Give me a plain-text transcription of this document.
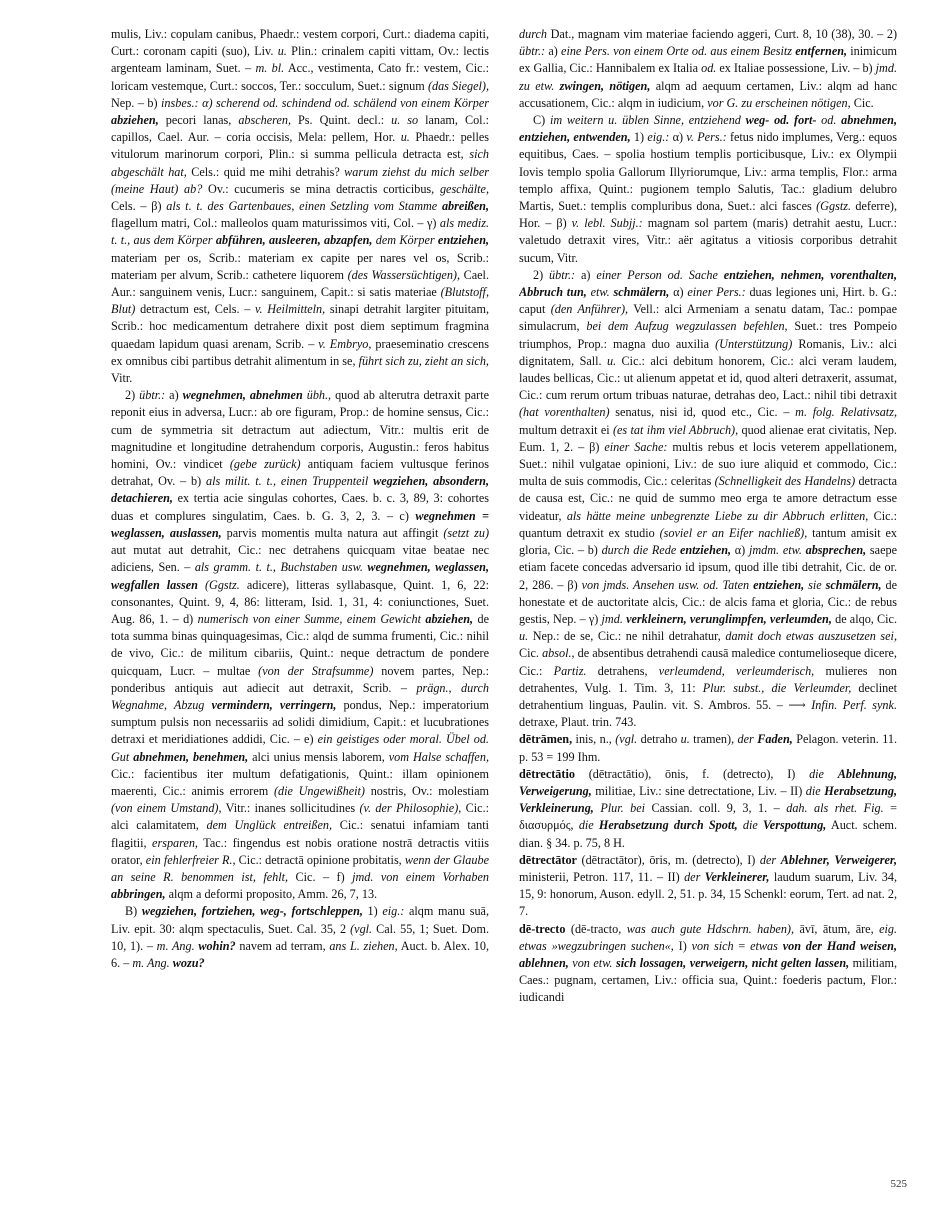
mulis, Liv.: copulam canibus, Phaedr.: vestem corpori, Curt.: diadema capiti, Curt.: coronam capiti (suo), Liv. u. Plin.: crinalem capiti vittam, Ov.: lectis argenteam laminam, Suet. – m. bl. Acc., vestimenta, Cato fr.: vestem, Cic.: loricam vestemque, Curt.: soccos, Ter.: socculum, Suet.: signum (das Siegel), Nep. – b) insbes.: α) scherend od. schindend od. schälend von einem Körper abziehen, pecori lanas, abscheren, Ps. Quint. decl.: u. so lanam, Col.: capillos, Cael. Aur. – coria occisis, Mela: pellem, Hor. u. Phaedr.: pelles vitulorum marinorum corpori, Plin.: si summa pellicula detracta est, sich abgeschält hat, Cels.: quid me mihi detrahis? warum ziehst du mich selber (meine Haut) ab? Ov.: cucumeris se mina detractis corticibus, geschälte, Cels. – β) als t. t. des Gartenbaues, einen Setzling vom Stamme abreißen, flagellum matri, Col.: malleolos quam maturissimos viti, Col. – γ) als mediz. t. t., aus dem Körper abführen, ausleeren, abzapfen, dem Körper entziehen, materiam per os, Scrib.: materiam ex capite per nares vel os, Scrib.: materiam per alvum, Scrib.: cathetere liquorem (des Wassersüchtigen), Cael. Aur.: sanguinem venis, Lucr.: sanguinem, Capit.: si satis materiae (Blutstoff, Blut) detractum est, Cels. – v. Heilmitteln, sinapi detrahit largiter pituitam, Scrib.: hoc medicamentum detrahere dixit post diem septimum fragmina quaedam lapidum quasi arenam, Scrib. – v. Embryo, praeseminatio crescens ex omnibus cibi partibus detrahit alimentum in se, führt sich zu, zieht an sich, Vitr.

2) übtr.: a) wegnehmen, abnehmen übh., quod ab alterutra detraxit parte reponit eius in adversa, Lucr.: ab ore figuram, Prop.: de homine sensus, Cic.: cum de symmetria sit detractum aut adiectum, Vitr.: multis erit de magnitudine et longitudine detrahendum corporis, Augustin.: feros habitus homini, Ov.: vindicet (gebe zurück) antiquam faciem vultusque ferinos detrahat, Ov. – b) als milit. t. t., einen Truppenteil wegziehen, absondern, detachieren, ex tertia acie singulas cohortes, Caes. b. c. 3, 89, 3: cohortes duas et complures singulatim, Caes. b. G. 3, 2, 3. – c) wegnehmen = weglassen, auslassen, parvis momentis multa natura aut affingit (setzt zu) aut mutat aut detrahit, Cic.: nec detrahens quicquam vitae beatae nec adiciens, Sen. – als gramm. t. t., Buchstaben usw. wegnehmen, weglassen, wegfallen lassen (Ggstz. adicere), litteras syllabasque, Quint. 1, 6, 22: consonantes, Quint. 9, 4, 86: litteram, Isid. 1, 31, 4: coniunctiones, Suet. Aug. 86, 1. – d) numerisch von einer Summe, einem Gewicht abziehen, de tota summa binas quinquagesimas, Cic.: alqd de summa frumenti, Cic.: nihil de vivo, Cic.: de militum cibariis, Quint.: neque detractum de pondere quicquam, Lucr. – multae (von der Strafsumme) novem partes, Nep.: ponderibus antiquis aut adiecit aut detraxit, Scrib. – prägn., durch Wegnahme, Abzug vermindern, verringern, pondus, Nep.: imperatorium sumptum pulsis non necessariis ad solidi dimidium, Capit.: et lucubrationes detraxi et meridiationes addidi, Cic. – e) ein geistiges oder moral. Übel od. Gut abnehmen, benehmen, alci unius mensis laborem, vom Halse schaffen, Cic.: facientibus iter multum defatigationis, Quint.: illam opinionem maerenti, Cic.: animis errorem (die Ungewißheit) nostris, Ov.: molestiam (von einem Umstand), Vitr.: inanes sollicitudines (v. der Philosophie), Cic.: alci calamitatem, dem Unglück entreißen, Cic.: senatui infamiam tanti flagitii, ersparen, Tac.: fingendus est nobis oratione nostrā detractis vitiis orator, ein fehlerfreier R., Cic.: detractā opinione probitatis, wenn der Glaube an seine R. benommen ist, fehlt, Cic. – f) jmd. von einem Vorhaben abbringen, alqm a deformi proposito, Amm. 26, 7, 13.

B) wegziehen, fortziehen, weg-, fortschleppen, 1) eig.: alqm manu suā, Liv. epit. 30: alqm spectaculis, Suet. Cal. 35, 2 (vgl. Cal. 55, 1; Suet. Dom. 10, 1). – m. Ang. wohin? navem ad terram, ans L. ziehen, Auct. b. Alex. 10, 6. – m. Ang. wozu?

durch Dat., magnam vim materiae faciendo aggeri, Curt. 8, 10 (38), 30. – 2) übtr.: a) eine Pers. von einem Orte od. aus einem Besitz entfernen, inimicum ex Gallia, Cic.: Hannibalem ex Italia od. ex Italiae possessione, Liv. – b) jmd. zu etw. zwingen, nötigen, alqm ad aequum certamen, Liv.: alqm ad hanc accusationem, Cic.: alqm in iudicium, vor G. zu erscheinen nötigen, Cic.

C) im weitern u. üblen Sinne, entziehend weg- od. fort- od. abnehmen, entziehen, entwenden, 1) eig.: α) v. Pers.: fetus nido implumes, Verg.: equos equitibus, Caes. – spolia hostium templis porticibusque, Liv.: ex Olympii Iovis templo spolia Gallorum Illyriorumque, Liv.: arma templis, Flor.: arma templo affixa, Quint.: pugionem templo Salutis, Tac.: gladium delubro Martis, Suet.: templis compluribus dona, Suet.: alci fasces (Ggstz. deferre), Hor. – β) v. lebl. Subjj.: magnam sol partem (maris) detrahit aestu, Lucr.: valetudo detraxit vires, Vitr.: aër agitatus a vitiosis corporibus detrahit sucum, Vitr.

2) übtr.: a) einer Person od. Sache entziehen, nehmen, vorenthalten, Abbruch tun, etw. schmälern, α) einer Pers.: duas legiones uni, Hirt. b. G.: caput (den Anführer), Vell.: alci Armeniam a senatu datam, Tac.: pompae simulacrum, bei dem Aufzug wegzulassen befehlen, Suet.: tres Pompeio triumphos, Prop.: magna duo auxilia (Unterstützung) Romanis, Liv.: alci dignitatem, Sall. u. Cic.: alci debitum honorem, Cic.: alci veram laudem, laudes bellicas, Cic.: ut alienum appetat et id, quod alteri detraxerit, assumat, Cic.: cum rerum ortum tribuas naturae, detrahas deo, Lact.: nihil tibi detraxit (hat vorenthalten) senatus, nisi id, quod etc., Cic. – m. folg. Relativsatz, multum detraxit ei (es tat ihm viel Abbruch), quod alienae erat civitatis, Nep. Eum. 1, 2. – β) einer Sache: multis rebus et locis veterem appellationem, Suet.: nihil vulgatae opinioni, Liv.: de suo iure aliquid et commodo, Cic.: multa de suis commodis, Cic.: celeritas (Schnelligkeit des Handelns) detracta de causa est, Cic.: ne quid de summo meo erga te amore detractum esse videatur, als hätte meine unbegrenzte Liebe zu dir Abbruch erlitten, Cic.: quantum detraxit ex studio (soviel er an Eifer nachließ), tantum amisit ex gloria, Cic. – b) durch die Rede entziehen, α) jmdm. etw. absprechen, saepe etiam facete concedas adversario id ipsum, quod ille tibi detrahit, Cic. de or. 2, 286. – β) von jmds. Ansehen usw. od. Taten entziehen, sie schmälern, de honestate et de auctoritate alcis, Cic.: de alcis fama et gloria, Cic.: de rebus gestis, Nep. – γ) jmd. verkleinern, verunglimpfen, verleumden, de alqo, Cic. u. Nep.: de se, Cic.: ne nihil detrahatur, damit doch etwas auszusetzen sei, Cic. absol., de absentibus detrahendi causā maledice contumelioseque dicere, Cic.: Partiz. detrahens, verleumdend, verleumderisch, mulieres non detrahentes, Vulg. 1. Tim. 3, 11: Plur. subst., die Verleumder, declinet detrahentium linguas, Paulin. vit. S. Ambros. 55. – ⟶ Infin. Perf. synk. detraxe, Plaut. trin. 743.

dētrāmen, inis, n., (vgl. detraho u. tramen), der Faden, Pelagon. veterin. 11. p. 53 = 199 Ihm.

dētrectātio (dētractātio), ōnis, f. (detrecto), I) die Ablehnung, Verweigerung, militiae, Liv.: sine detrectatione, Liv. – II) die Herabsetzung, Verkleinerung, Plur. bei Cassian. coll. 9, 3, 1. – dah. als rhet. Fig. = διασυρμός, die Herabsetzung durch Spott, die Verspottung, Auct. schem. dian. § 34. p. 75, 8 H.

dētrectātor (dētractātor), ōris, m. (detrecto), I) der Ablehner, Verweigerer, ministerii, Petron. 117, 11. – II) der Verkleinerer, laudum suarum, Liv. 34, 15, 9: honorum, Auson. edyll. 2, 51. p. 34, 15 Schenkl: eorum, Tert. ad nat. 2, 7.

dē-trecto (dē-tracto, was auch gute Hdschrn. haben), āvī, ātum, āre, eig. etwas »wegzubringen suchen«, I) von sich = etwas von der Hand weisen, ablehnen, von etw. sich lossagen, verweigern, nicht gelten lassen, militiam, Caes.: pugnam, certamen, Liv.: officia sua, Quint.: foederis pactum, Flor.: iudicandi

525
